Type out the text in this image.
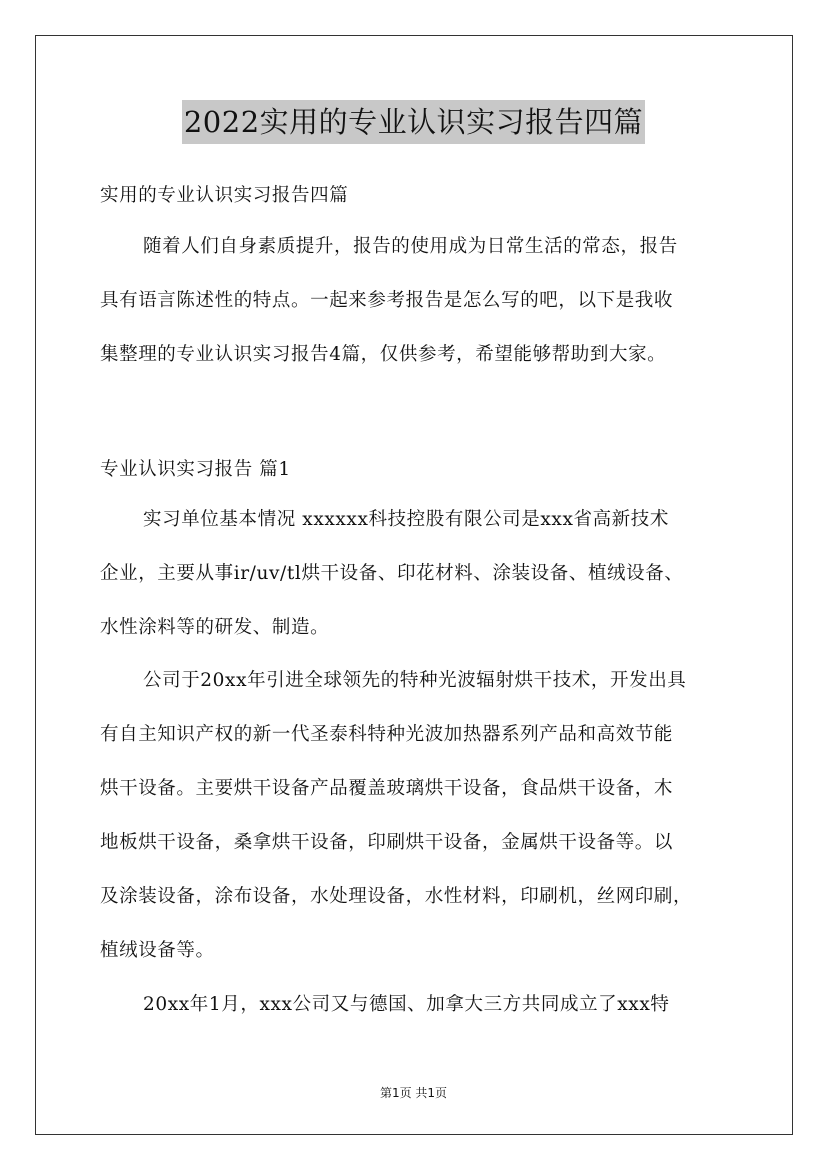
2022实用的专业认识实习报告四篇
实用的专业认识实习报告四篇
随着人们自身素质提升，报告的使用成为日常生活的常态，报告
具有语言陈述性的特点。一起来参考报告是怎么写的吧，以下是我收
集整理的专业认识实习报告4篇，仅供参考，希望能够帮助到大家。
专业认识实习报告 篇1
实习单位基本情况 xxxxxx科技控股有限公司是xxx省高新技术
企业，主要从事ir/uv/tl烘干设备、印花材料、涂装设备、植绒设备、
水性涂料等的研发、制造。
公司于20xx年引进全球领先的特种光波辐射烘干技术，开发出具
有自主知识产权的新一代圣泰科特种光波加热器系列产品和高效节能
烘干设备。主要烘干设备产品覆盖玻璃烘干设备，食品烘干设备，木
地板烘干设备，桑拿烘干设备，印刷烘干设备，金属烘干设备等。以
及涂装设备，涂布设备，水处理设备，水性材料，印刷机，丝网印刷，
植绒设备等。
20xx年1月，xxx公司又与德国、加拿大三方共同成立了xxx特
第1页 共1页
